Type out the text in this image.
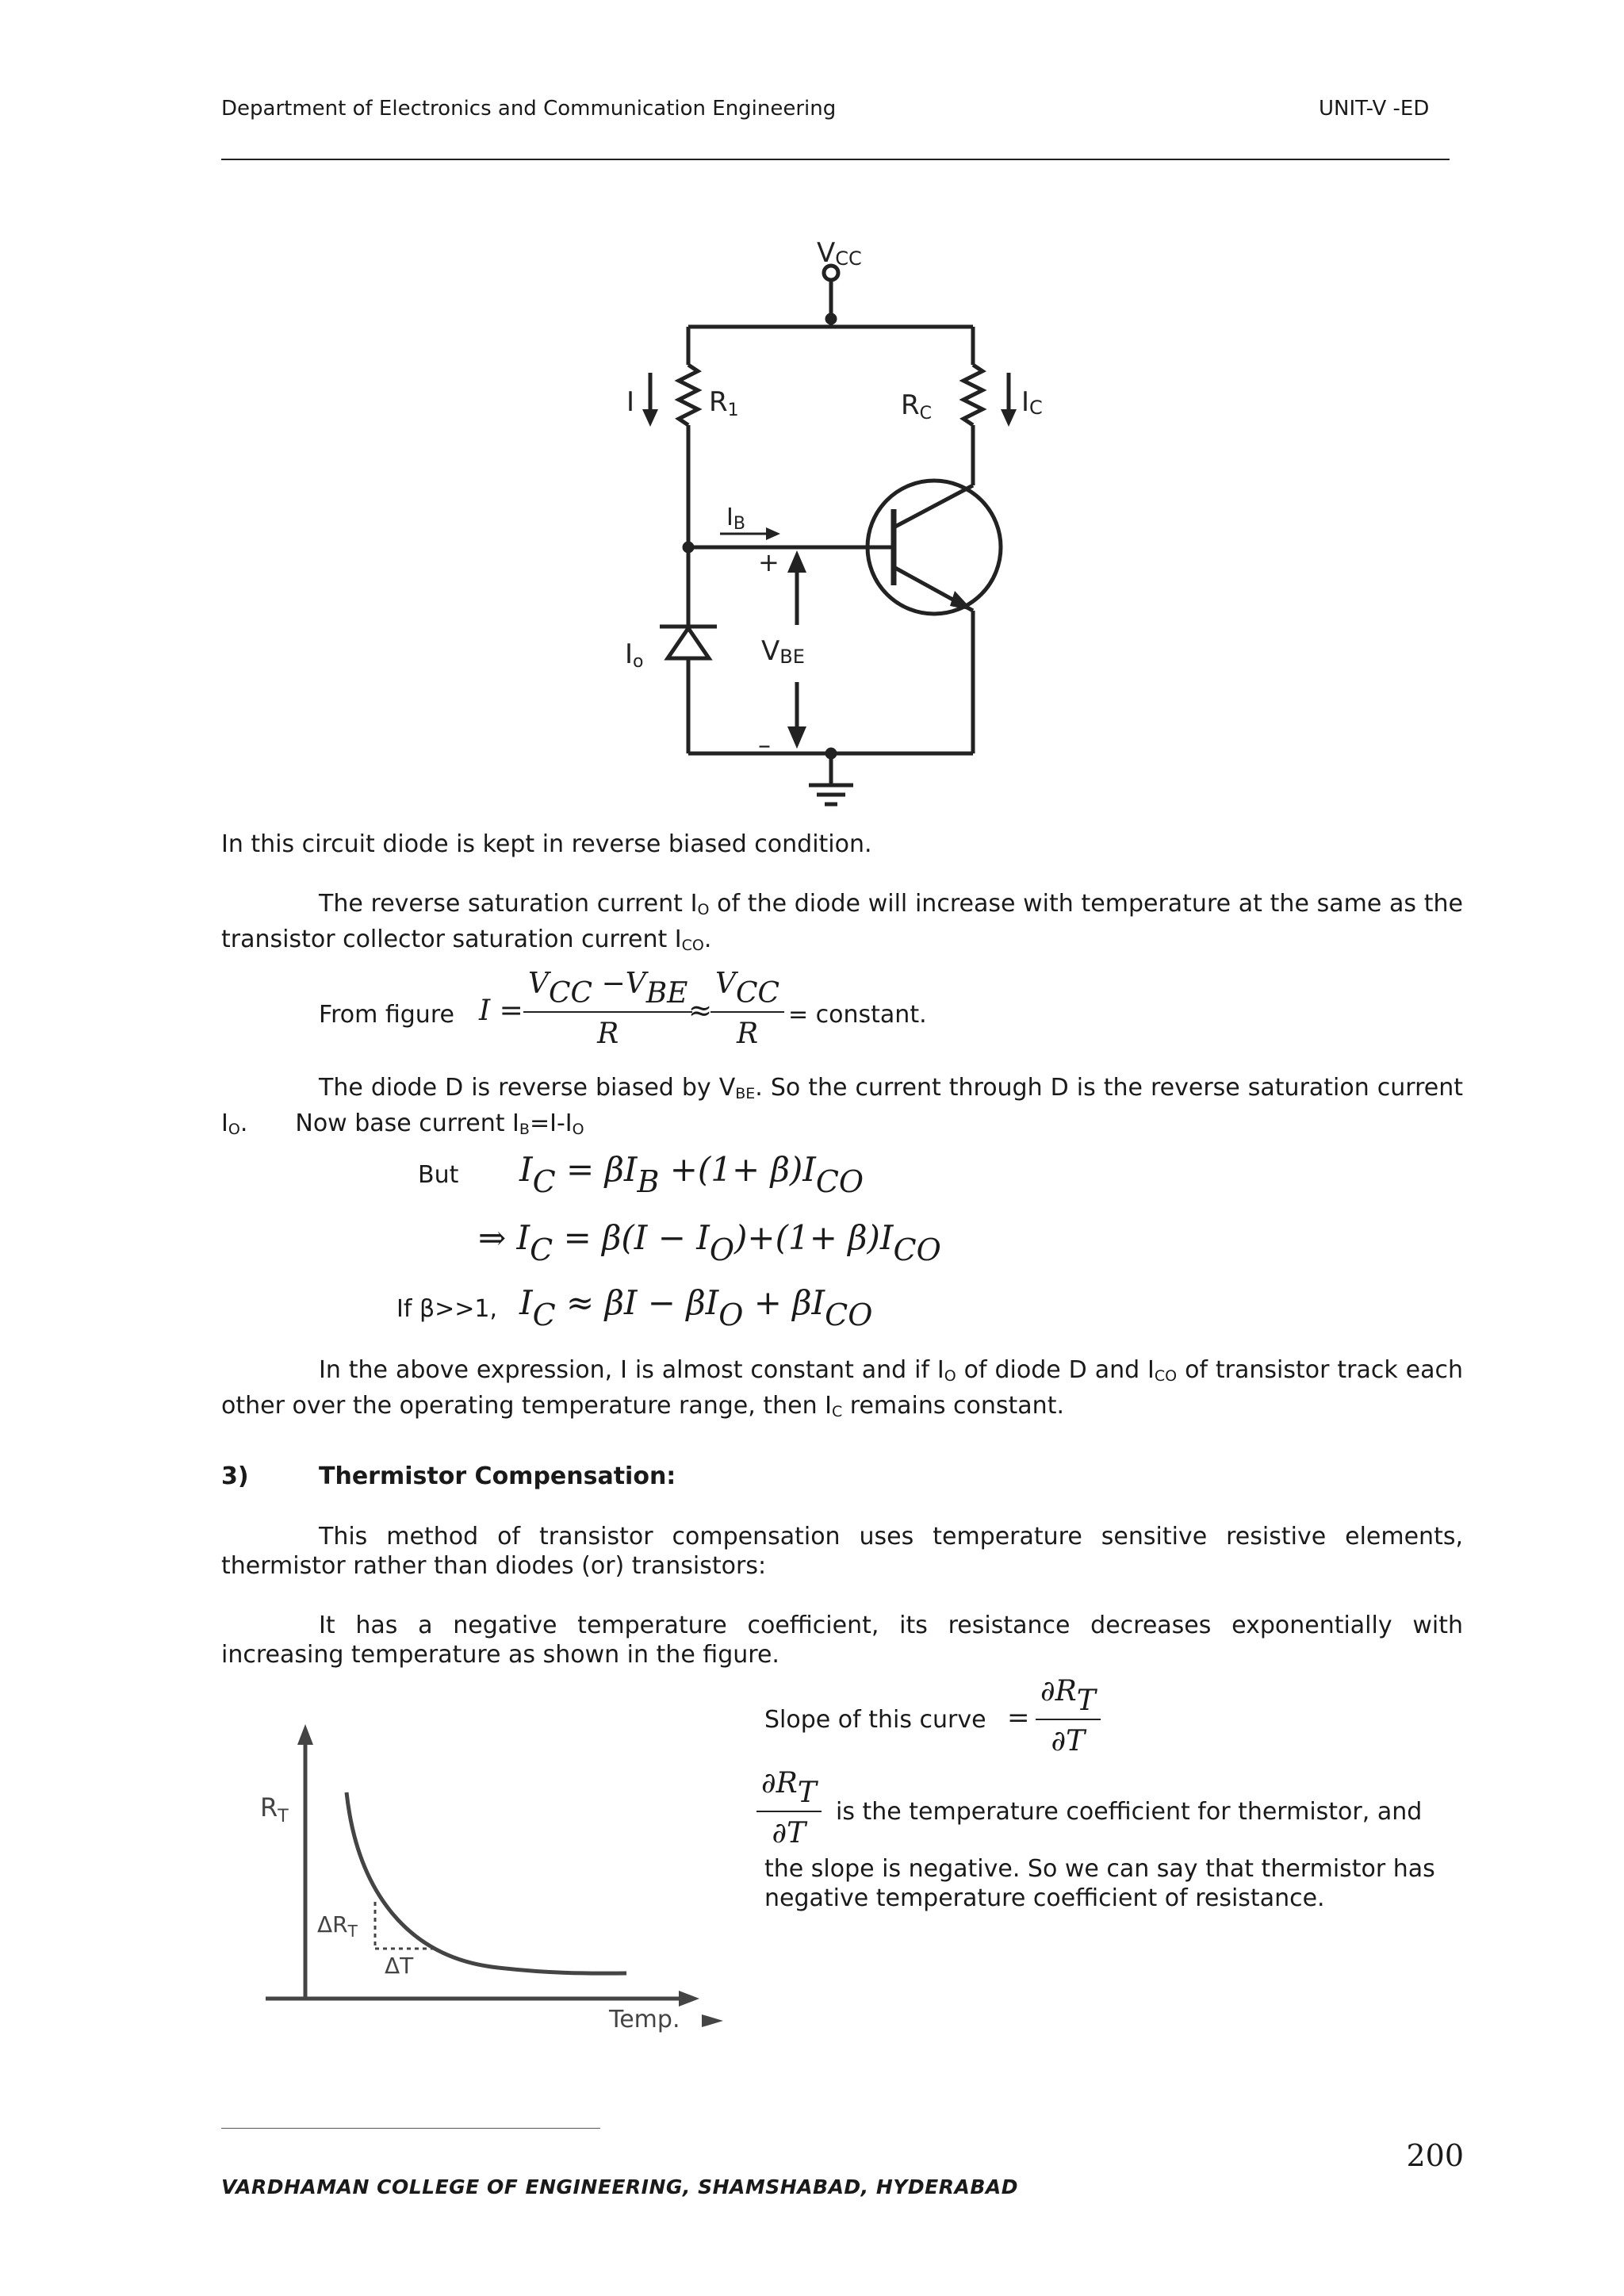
Department of Electronics and Communication Engineering	UNIT-V -ED
VCC
I	R1	RC	IC
IB
+
–
Io	VBE
In this circuit diode is kept in reverse biased condition.
The reverse saturation current $I_O$ of the diode will increase with temperature at the same as the transistor collector saturation current $I_{CO}$.
From figure I =
$V_{CC} -V_{BE}$
R
≈
$V_{CC}$
R
= constant.
The diode D is reverse biased by $V_{BE}$. So the current through D is the reverse saturation current $I_O$. Now base current $I_B=I-I_O$
But $I_C = \beta I_B +(1+ \beta)I_{CO}$
⇒ $I_C = \beta(I - I_O)+(1+ \beta)I_{CO}$
If β>>1, $I_C \approx \beta I - \beta I_O + \beta I_{CO}$
In the above expression, I is almost constant and if $I_O$ of diode D and $I_{CO}$ of transistor track each other over the operating temperature range, then $I_C$ remains constant.
3)	Thermistor Compensation:
This method of transistor compensation uses temperature sensitive resistive elements, thermistor rather than diodes (or) transistors:
It has a negative temperature coefficient, its resistance decreases exponentially with increasing temperature as shown in the figure.
$R_T$
$\Delta R_T$
ΔT
Temp.
Slope of this curve = $\frac{\partial R_T}{\partial T}$
$\frac{\partial R_T}{\partial T}$ is the temperature coefficient for thermistor, and
the slope is negative. So we can say that thermistor has negative temperature coefficient of resistance.
200
VARDHAMAN COLLEGE OF ENGINEERING, SHAMSHABAD, HYDERABAD
